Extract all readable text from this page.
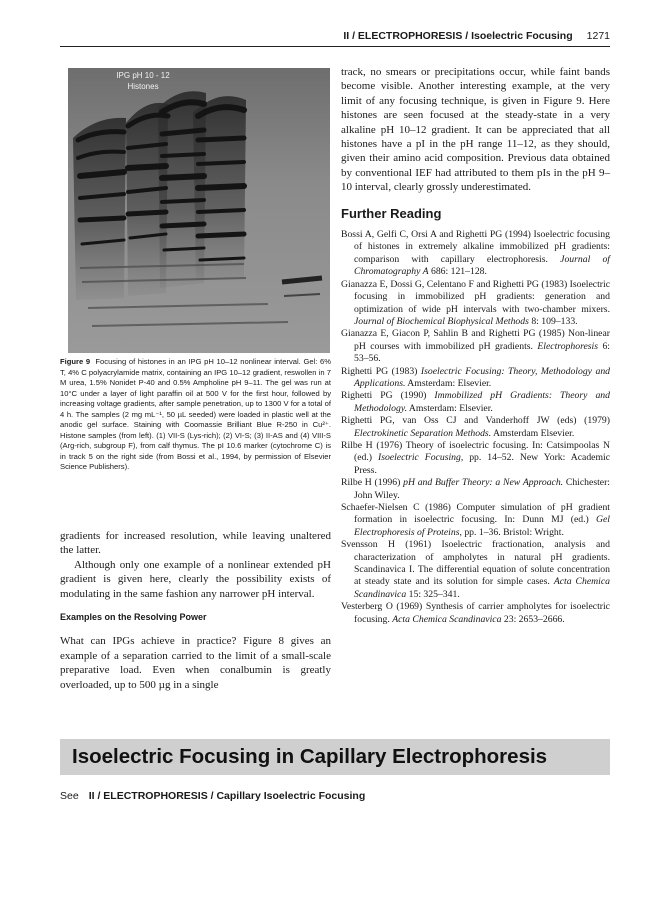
II / ELECTROPHORESIS / Isoelectric Focusing 1271
IPG pH 10 - 12
Histones
Figure 9 Focusing of histones in an IPG pH 10–12 nonlinear interval. Gel: 6% T, 4% C polyacrylamide matrix, containing an IPG 10–12 gradient, reswollen in 7 M urea, 1.5% Nonidet P-40 and 0.5% Ampholine pH 9–11. The gel was run at 10°C under a layer of light paraffin oil at 500 V for the first hour, followed by increasing voltage gradients, after sample penetration, up to 1300 V for a total of 4 h. The samples (2 mg mL⁻¹, 50 µL seeded) were loaded in plastic well at the anodic gel surface. Staining with Coomassie Brilliant Blue R-250 in Cu²⁺. Histone samples (from left). (1) VII-S (Lys-rich); (2) VI-S; (3) II-AS and (4) VIII-S (Arg-rich, subgroup F), from calf thymus. The pI 10.6 marker (cytochrome C) is in track 5 on the right side (from Bossi et al., 1994, by permission of Elsevier Science Publishers).

gradients for increased resolution, while leaving unaltered the latter.

Although only one example of a nonlinear extended pH gradient is given here, clearly the possibility exists of modulating in the same fashion any narrower pH interval.

Examples on the Resolving Power

What can IPGs achieve in practice? Figure 8 gives an example of a separation carried to the limit of a small-scale preparative load. Even when conalbumin is greatly overloaded, up to 500 µg in a single

track, no smears or precipitations occur, while faint bands become visible. Another interesting example, at the very limit of any focusing technique, is given in Figure 9. Here histones are seen focused at the steady-state in a very alkaline pH 10–12 gradient. It can be appreciated that all histones have a pI in the pH range 11–12, as they should, given their amino acid composition. Previous data obtained by conventional IEF had attributed to them pIs in the pH 9–10 interval, clearly grossly underestimated.

Further Reading

Bossi A, Gelfi C, Orsi A and Righetti PG (1994) Isoelectric focusing of histones in extremely alkaline immobilized pH gradients: comparison with capillary electrophoresis. Journal of Chromatography A 686: 121–128.

Gianazza E, Dossi G, Celentano F and Righetti PG (1983) Isoelectric focusing in immobilized pH gradients: generation and optimization of wide pH intervals with two-chamber mixers. Journal of Biochemical Biophysical Methods 8: 109–133.

Gianazza E, Giacon P, Sahlin B and Righetti PG (1985) Non-linear pH courses with immobilized pH gradients. Electrophoresis 6: 53–56.

Righetti PG (1983) Isoelectric Focusing: Theory, Methodology and Applications. Amsterdam: Elsevier.

Righetti PG (1990) Immobilized pH Gradients: Theory and Methodology. Amsterdam: Elsevier.

Righetti PG, van Oss CJ and Vanderhoff JW (eds) (1979) Electrokinetic Separation Methods. Amsterdam Elsevier.

Rilbe H (1976) Theory of isoelectric focusing. In: Catsimpoolas N (ed.) Isoelectric Focusing, pp. 14–52. New York: Academic Press.

Rilbe H (1996) pH and Buffer Theory: a New Approach. Chichester: John Wiley.

Schaefer-Nielsen C (1986) Computer simulation of pH gradient formation in isoelectric focusing. In: Dunn MJ (ed.) Gel Electrophoresis of Proteins, pp. 1–36. Bristol: Wright.

Svensson H (1961) Isoelectric fractionation, analysis and characterization of ampholytes in natural pH gradients. Scandinavica I. The differential equation of solute concentration at steady state and its solution for simple cases. Acta Chemica Scandinavica 15: 325–341.

Vesterberg O (1969) Synthesis of carrier ampholytes for isoelectric focusing. Acta Chemica Scandinavica 23: 2653–2666.

Isoelectric Focusing in Capillary Electrophoresis
See II / ELECTROPHORESIS / Capillary Isoelectric Focusing
